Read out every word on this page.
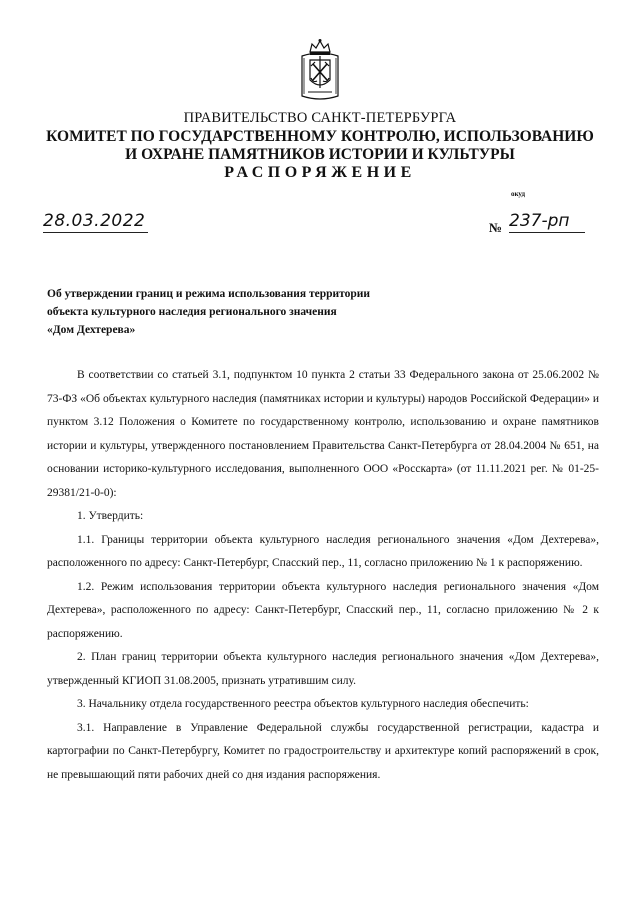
ПРАВИТЕЛЬСТВО САНКТ-ПЕТЕРБУРГА
КОМИТЕТ ПО ГОСУДАРСТВЕННОМУ КОНТРОЛЮ, ИСПОЛЬЗОВАНИЮ
И ОХРАНЕ ПАМЯТНИКОВ ИСТОРИИ И КУЛЬТУРЫ
РАСПОРЯЖЕНИЕ
окуд
28.03.2022	№ 237-рп
Об утверждении границ и режима использования территории
объекта культурного наследия регионального значения
«Дом Дехтерева»

В соответствии со статьей 3.1, подпунктом 10 пункта 2 статьи 33 Федерального закона от 25.06.2002 № 73-ФЗ «Об объектах культурного наследия (памятниках истории и культуры) народов Российской Федерации» и пунктом 3.12 Положения о Комитете по государственному контролю, использованию и охране памятников истории и культуры, утвержденного постановлением Правительства Санкт-Петербурга от 28.04.2004 № 651, на основании историко-культурного исследования, выполненного ООО «Росскарта» (от 11.11.2021 рег. № 01-25-29381/21-0-0):

1. Утвердить:

1.1. Границы территории объекта культурного наследия регионального значения «Дом Дехтерева», расположенного по адресу: Санкт-Петербург, Спасский пер., 11, согласно приложению № 1 к распоряжению.

1.2. Режим использования территории объекта культурного наследия регионального значения «Дом Дехтерева», расположенного по адресу: Санкт-Петербург, Спасский пер., 11, согласно приложению № 2 к распоряжению.

2. План границ территории объекта культурного наследия регионального значения «Дом Дехтерева», утвержденный КГИОП 31.08.2005, признать утратившим силу.

3. Начальнику отдела государственного реестра объектов культурного наследия обеспечить:

3.1. Направление в Управление Федеральной службы государственной регистрации, кадастра и картографии по Санкт-Петербургу, Комитет по градостроительству и архитектуре копий распоряжений в срок, не превышающий пяти рабочих дней со дня издания распоряжения.
